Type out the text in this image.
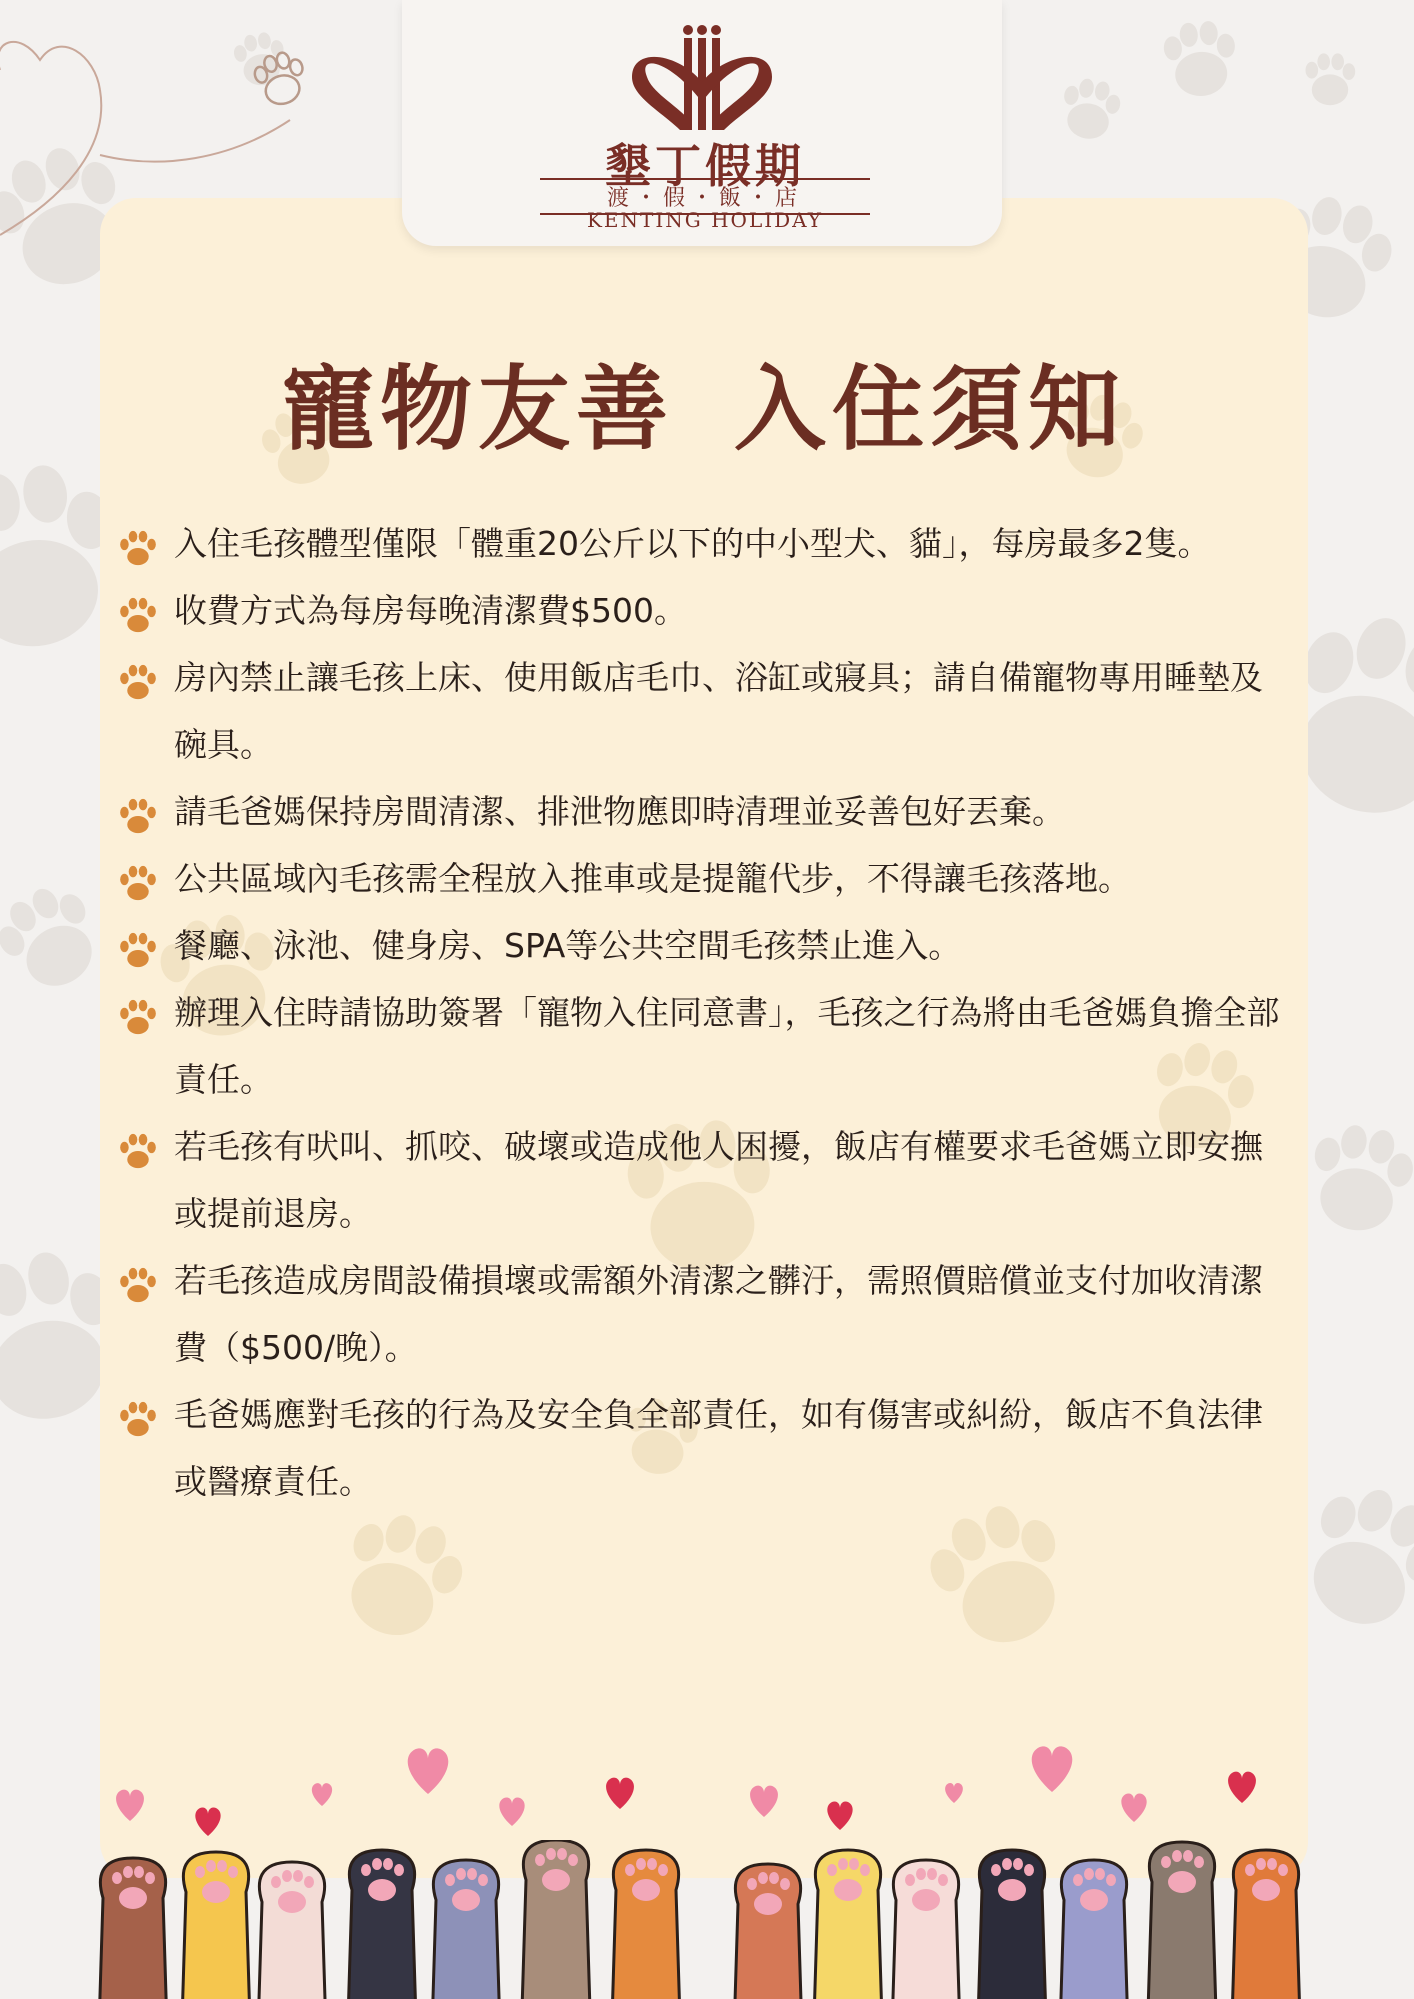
寵物友善 入住須知
入住毛孩體型僅限「體重20公斤以下的中小型犬、貓」，每房最多2隻。
收費方式為每房每晚清潔費$500。
房內禁止讓毛孩上床、使用飯店毛巾、浴缸或寢具；請自備寵物專用睡墊及碗具。
請毛爸媽保持房間清潔、排泄物應即時清理並妥善包好丟棄。
公共區域內毛孩需全程放入推車或是提籠代步，不得讓毛孩落地。
餐廳、泳池、健身房、SPA等公共空間毛孩禁止進入。
辦理入住時請協助簽署「寵物入住同意書」，毛孩之行為將由毛爸媽負擔全部責任。
若毛孩有吠叫、抓咬、破壞或造成他人困擾，飯店有權要求毛爸媽立即安撫或提前退房。
若毛孩造成房間設備損壞或需額外清潔之髒汙，需照價賠償並支付加收清潔費（$500/晚）。
毛爸媽應對毛孩的行為及安全負全部責任，如有傷害或糾紛，飯店不負法律或醫療責任。
墾丁假期
渡・假・飯・店
KENTING HOLIDAY
